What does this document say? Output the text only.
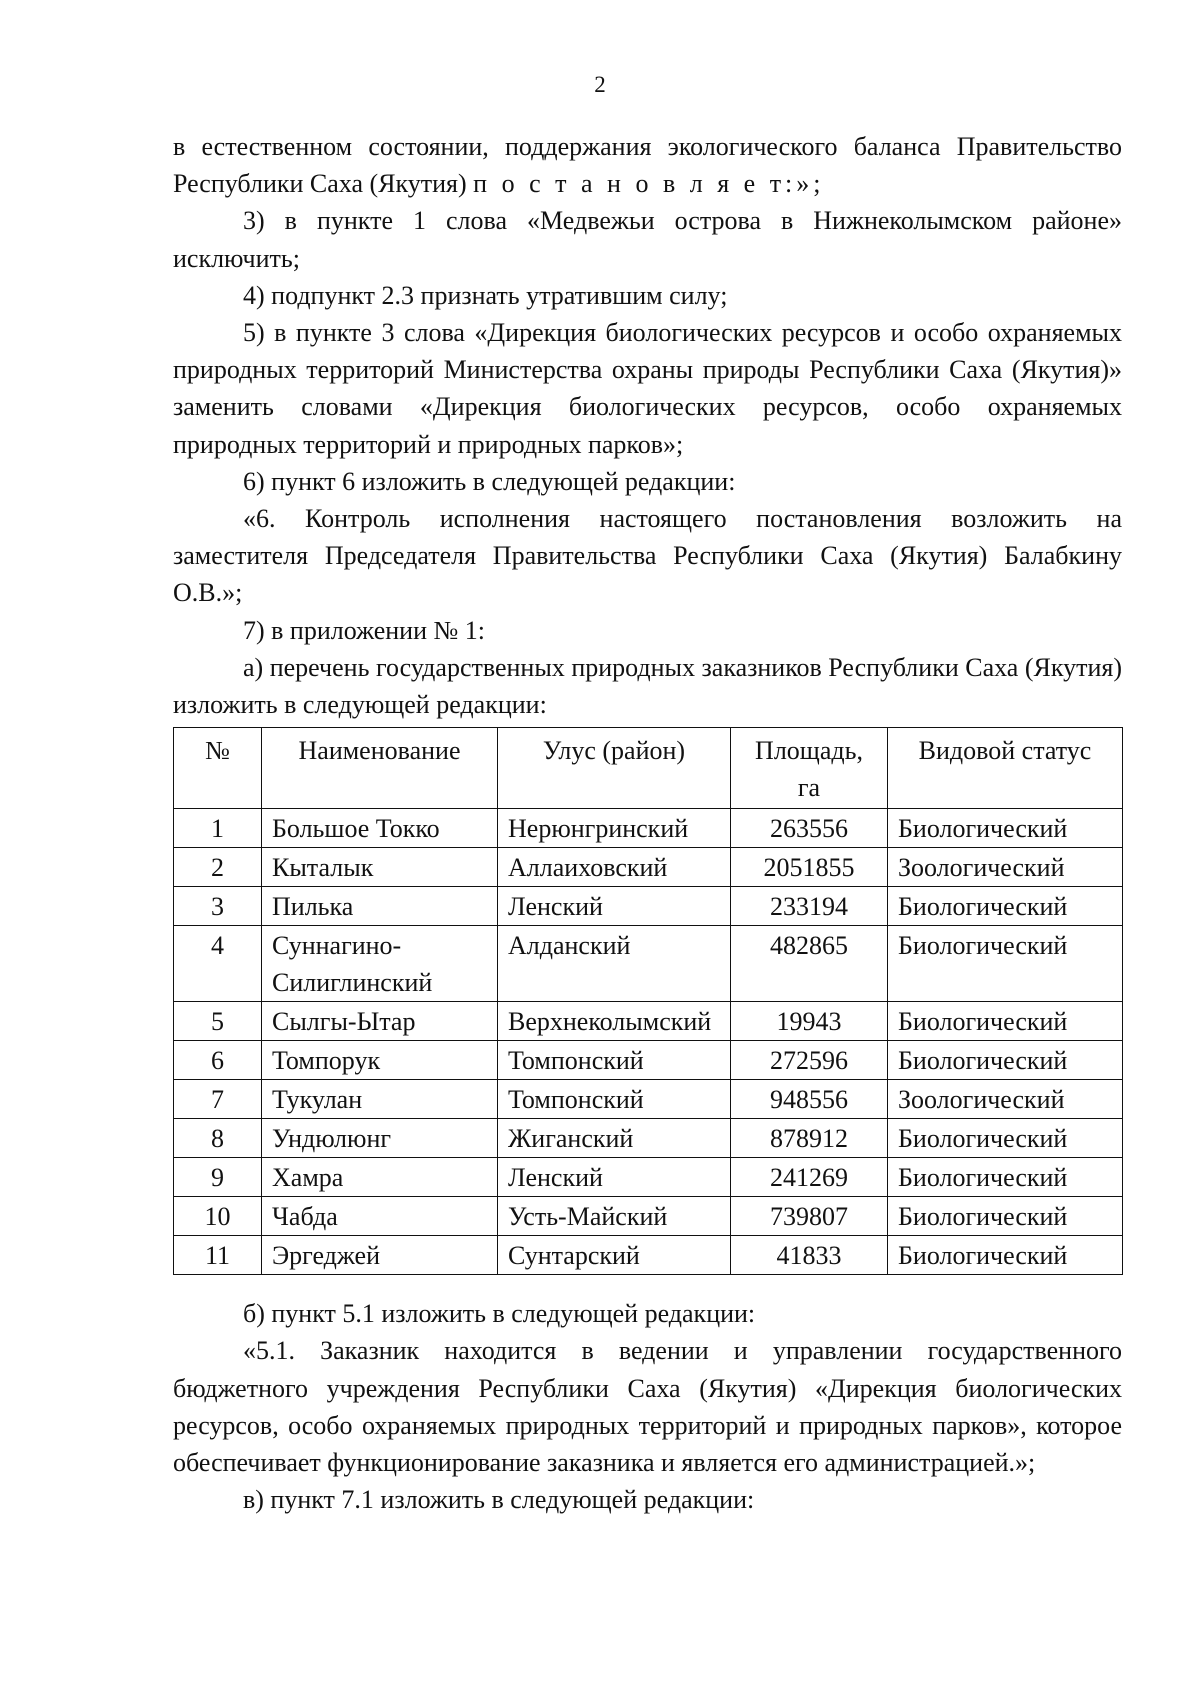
2

в естественном состоянии, поддержания экологического баланса Правительство Республики Саха (Якутия) п о с т а н о в л я е т:»;

3) в пункте 1 слова «Медвежьи острова в Нижнеколымском районе» исключить;

4) подпункт 2.3 признать утратившим силу;

5) в пункте 3 слова «Дирекция биологических ресурсов и особо охраняемых природных территорий Министерства охраны природы Республики Саха (Якутия)» заменить словами «Дирекция биологических ресурсов, особо охраняемых природных территорий и природных парков»;

6) пункт 6 изложить в следующей редакции:

«6. Контроль исполнения настоящего постановления возложить на заместителя Председателя Правительства Республики Саха (Якутия) Балабкину О.В.»;

7) в приложении № 1:

а) перечень государственных природных заказников Республики Саха (Якутия) изложить в следующей редакции:

№	Наименование	Улус (район)	Площадь, га	Видовой статус
1	Большое Токко	Нерюнгринский	263556	Биологический
2	Кыталык	Аллаиховский	2051855	Зоологический
3	Пилька	Ленский	233194	Биологический
4	Суннагино-Силиглинский	Алданский	482865	Биологический
5	Сылгы-Ытар	Верхнеколымский	19943	Биологический
6	Томпорук	Томпонский	272596	Биологический
7	Тукулан	Томпонский	948556	Зоологический
8	Ундюлюнг	Жиганский	878912	Биологический
9	Хамра	Ленский	241269	Биологический
10	Чабда	Усть-Майский	739807	Биологический
11	Эргеджей	Сунтарский	41833	Биологический

б) пункт 5.1 изложить в следующей редакции:

«5.1. Заказник находится в ведении и управлении государственного бюджетного учреждения Республики Саха (Якутия) «Дирекция биологических ресурсов, особо охраняемых природных территорий и природных парков», которое обеспечивает функционирование заказника и является его администрацией.»;

в) пункт 7.1 изложить в следующей редакции:
